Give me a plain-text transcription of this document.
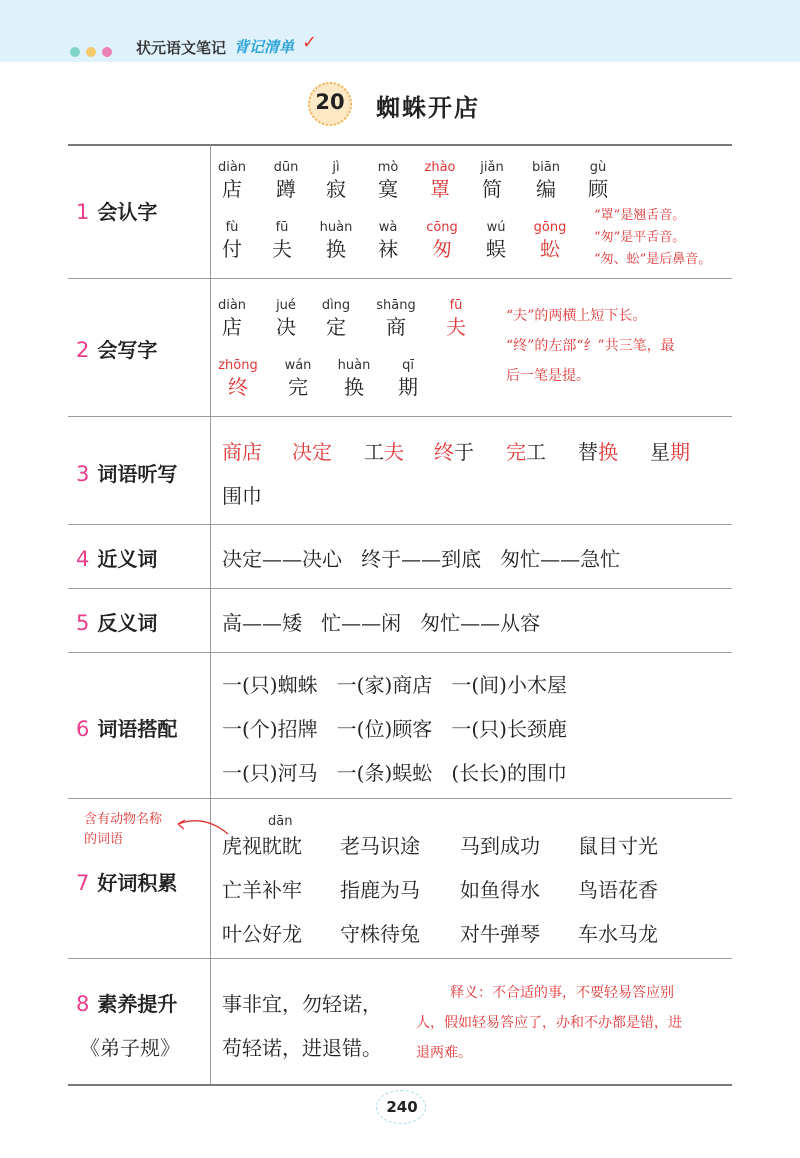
状元语文笔记 背记清单 ✓
20	蜘蛛开店
1 会认字
2 会写字
3 词语听写
4 近义词
5 反义词
6 词语搭配
7 好词积累
8 素养提升
《弟子规》
diàn
店
dūn
蹲
jì
寂
mò
寞
zhào
罩
jiǎn
简
biān
编
gù
顾
fù
付
fū
夫
huàn
换
wà
袜
cōng
匆
wú
蜈
gōng
蚣
“罩”是翘舌音。
“匆”是平舌音。
“匆、蚣”是后鼻音。
diàn
店
jué
决
dìng
定
shāng
商
fū
夫
zhōng
终
wán
完
huàn
换
qī
期
“夫”的两横上短下长。
“终”的左部“纟”共三笔，最
后一笔是提。
商店 决定 工夫 终于 完工 替换 星期
围巾
决定——决心   终于——到底   匆忙——急忙
高——矮   忙——闲   匆忙——从容
一(只)蜘蛛   一(家)商店   一(间)小木屋
一(个)招牌   一(位)顾客   一(只)长颈鹿
一(只)河马   一(条)蜈蚣   (长长)的围巾
含有动物名称
的词语
dān
虎视眈眈 老马识途 马到成功 鼠目寸光
亡羊补牢 指鹿为马 如鱼得水 鸟语花香
叶公好龙 守株待兔 对牛弹琴 车水马龙
事非宜，勿轻诺，
苟轻诺，进退错。
释义：不合适的事，不要轻易答应别
人，假如轻易答应了，办和不办都是错，进
退两难。
240
